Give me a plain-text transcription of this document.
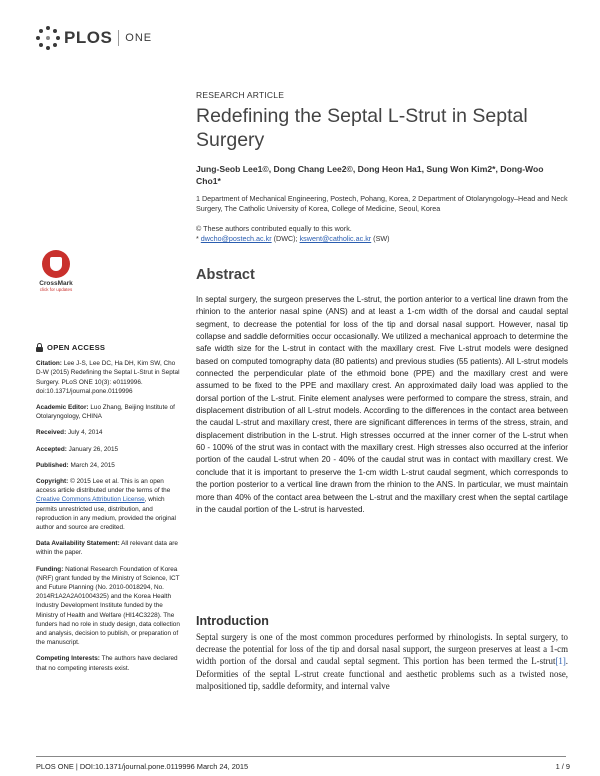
PLOS ONE
RESEARCH ARTICLE
Redefining the Septal L-Strut in Septal Surgery
Jung-Seob Lee1©, Dong Chang Lee2©, Dong Heon Ha1, Sung Won Kim2*, Dong-Woo Cho1*
1 Department of Mechanical Engineering, Postech, Pohang, Korea, 2 Department of Otolaryngology–Head and Neck Surgery, The Catholic University of Korea, College of Medicine, Seoul, Korea
© These authors contributed equally to this work.
* dwcho@postech.ac.kr (DWC); kswent@catholic.ac.kr (SW)
CrossMark
click for updates
Abstract

In septal surgery, the surgeon preserves the L-strut, the portion anterior to a vertical line drawn from the rhinion to the anterior nasal spine (ANS) and at least a 1-cm width of the dorsal and caudal septal segment, to decrease the potential for loss of the tip and dorsal nasal support. However, nasal tip collapse and saddle deformities occur occasionally. We utilized a mechanical approach to determine the safe width size for the L-strut in contact with the maxillary crest. Five L-strut models were designed based on computed tomography data (80 patients) and previous studies (55 patients). All L-strut models connected the perpendicular plate of the ethmoid bone (PPE) and the maxillary crest and were assumed to be fixed to the PPE and maxillary crest. An approximated daily load was applied to the dorsal portion of the L-strut. Finite element analyses were performed to compare the stress, strain, and displacement distribution of all L-strut models. According to the differences in the contact area between the caudal L-strut and maxillary crest, there are significant differences in terms of the stress, strain, and displacement distribution in the L-strut. High stresses occurred at the inner corner of the L-strut when 60 - 100% of the strut was in contact with the maxillary crest. High stresses also occurred at the inferior portion of the caudal L-strut when 20 - 40% of the caudal strut was in contact with maxillary crest. We conclude that it is important to preserve the 1-cm width L-strut caudal segment, which corresponds to the portion posterior to a vertical line drawn from the rhinion to the ANS. In particular, we must maintain more than 40% of the contact area between the L-strut and the maxillary crest when the septal cartilage in the caudal portion of the L-strut is harvested.

OPEN ACCESS
Citation: Lee J-S, Lee DC, Ha DH, Kim SW, Cho D-W (2015) Redefining the Septal L-Strut in Septal Surgery. PLoS ONE 10(3): e0119996. doi:10.1371/journal.pone.0119996
Academic Editor: Luo Zhang, Beijing Institute of Otolaryngology, CHINA
Received: July 4, 2014
Accepted: January 26, 2015
Published: March 24, 2015
Copyright: © 2015 Lee et al. This is an open access article distributed under the terms of the Creative Commons Attribution License, which permits unrestricted use, distribution, and reproduction in any medium, provided the original author and source are credited.
Data Availability Statement: All relevant data are within the paper.
Funding: National Research Foundation of Korea (NRF) grant funded by the Ministry of Science, ICT and Future Planning (No. 2010-0018294, No. 2014R1A2A2A01004325) and the Korea Health Industry Development Institute funded by the Ministry of Health and Welfare (HI14C3228). The funders had no role in study design, data collection and analysis, decision to publish, or preparation of the manuscript.
Competing Interests: The authors have declared that no competing interests exist.
Introduction

Septal surgery is one of the most common procedures performed by rhinologists. In septal surgery, to decrease the potential for loss of the tip and dorsal nasal support, the surgeon preserves at least a 1-cm width portion of the dorsal and caudal septal segment. This portion has been termed the L-strut[1]. Deformities of the septal L-strut create functional and aesthetic problems such as a twisted nose, malpositioned tip, saddle deformity, and internal valve

PLOS ONE | DOI:10.1371/journal.pone.0119996 March 24, 2015	1 / 9
